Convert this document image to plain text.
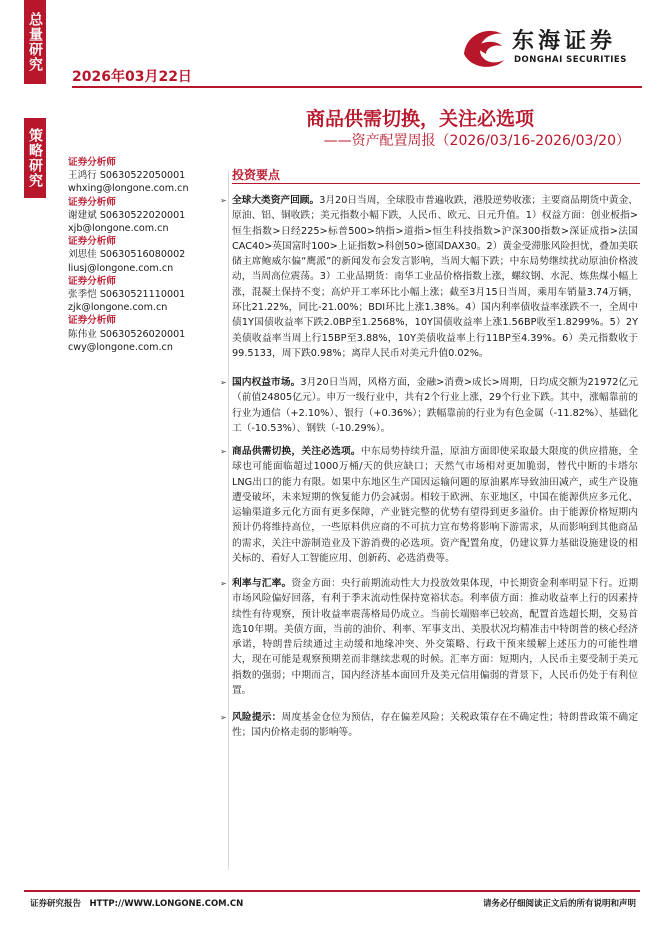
总量研究
策略研究
2026年03月22日
东海证券
DONGHAI SECURITIES
商品供需切换，关注必选项
——资产配置周报（2026/03/16-2026/03/20）
证券分析师
王鸿行 S0630522050001
whxing@longone.com.cn
证券分析师
谢建斌 S0630522020001
xjb@longone.com.cn
证券分析师
刘思佳 S0630516080002
liusj@longone.com.cn
证券分析师
张季恺 S0630521110001
zjk@longone.com.cn
证券分析师
陈伟业 S0630526020001
cwy@longone.com.cn
投资要点
➢ 全球大类资产回顾。3月20日当周，全球股市普遍收跌，港股逆势收涨；主要商品期货中黄金、原油、铝、铜收跌；美元指数小幅下跌，人民币、欧元、日元升值。1）权益方面：创业板指>恒生指数>日经225>标普500>纳指>道指>恒生科技指数>沪深300指数>深证成指>法国CAC40>英国富时100>上证指数>科创50>德国DAX30。2）黄金受滞胀风险担忧，叠加美联储主席鲍威尔偏“鹰派”的新闻发布会发言影响，当周大幅下跌；中东局势继续扰动原油价格波动，当周高位震荡。3）工业品期货：南华工业品价格指数上涨，螺纹钢、水泥、炼焦煤小幅上涨，混凝土保持不变；高炉开工率环比小幅上涨；截至3月15日当周，乘用车销量3.74万辆，环比21.22%，同比-21.00%；BDI环比上涨1.38%。4）国内利率债收益率涨跌不一，全周中债1Y国债收益率下跌2.0BP至1.2568%，10Y国债收益率上涨1.56BP收至1.8299%。5）2Y美债收益率当周上行15BP至3.88%，10Y美债收益率上行11BP至4.39%。6）美元指数收于99.5133，周下跌0.98%；离岸人民币对美元升值0.02%。
➢ 国内权益市场。3月20日当周，风格方面，金融>消费>成长>周期，日均成交额为21972亿元（前值24805亿元）。申万一级行业中，共有2个行业上涨，29个行业下跌。其中，涨幅靠前的行业为通信（+2.10%）、银行（+0.36%）；跌幅靠前的行业为有色金属（-11.82%）、基础化工（-10.53%）、钢铁（-10.29%）。
➢ 商品供需切换，关注必选项。中东局势持续升温，原油方面即使采取最大限度的供应措施，全球也可能面临超过1000万桶/天的供应缺口；天然气市场相对更加脆弱，替代中断的卡塔尔LNG出口的能力有限。如果中东地区生产国因运输问题的原油累库导致油田减产，或生产设施遭受破坏，未来短期的恢复能力仍会减弱。相较于欧洲、东亚地区，中国在能源供应多元化、运输渠道多元化方面有更多保障，产业链完整的优势有望得到更多溢价。由于能源价格短期内预计仍将维持高位，一些原料供应商的不可抗力宣布势将影响下游需求，从而影响到其他商品的需求，关注中游制造业及下游消费的必选项。资产配置角度，仍建议算力基础设施建设的相关标的、看好人工智能应用、创新药、必选消费等。
➢ 利率与汇率。资金方面：央行前期流动性大力投放效果体现，中长期资金利率明显下行。近期市场风险偏好回落，有利于季末流动性保持宽裕状态。利率债方面：推动收益率上行的因素持续性有待观察，预计收益率震荡格局仍成立。当前长端赔率已较高，配置首选超长期，交易首选10年期。美债方面，当前的油价、利率、军事支出、美股状况均精准击中特朗普的核心经济承诺，特朗普后续通过主动缓和地缘冲突、外交策略、行政干预来缓解上述压力的可能性增大，现在可能是观察预期差而非继续悲观的时候。汇率方面：短期内，人民币主要受制于美元指数的强弱；中期而言，国内经济基本面回升及美元信用偏弱的背景下，人民币仍处于有利位置。
➢ 风险提示：周度基金仓位为预估，存在偏差风险；关税政策存在不确定性；特朗普政策不确定性；国内价格走弱的影响等。
证券研究报告　HTTP://WWW.LONGONE.COM.CN	请务必仔细阅读正文后的所有说明和声明
